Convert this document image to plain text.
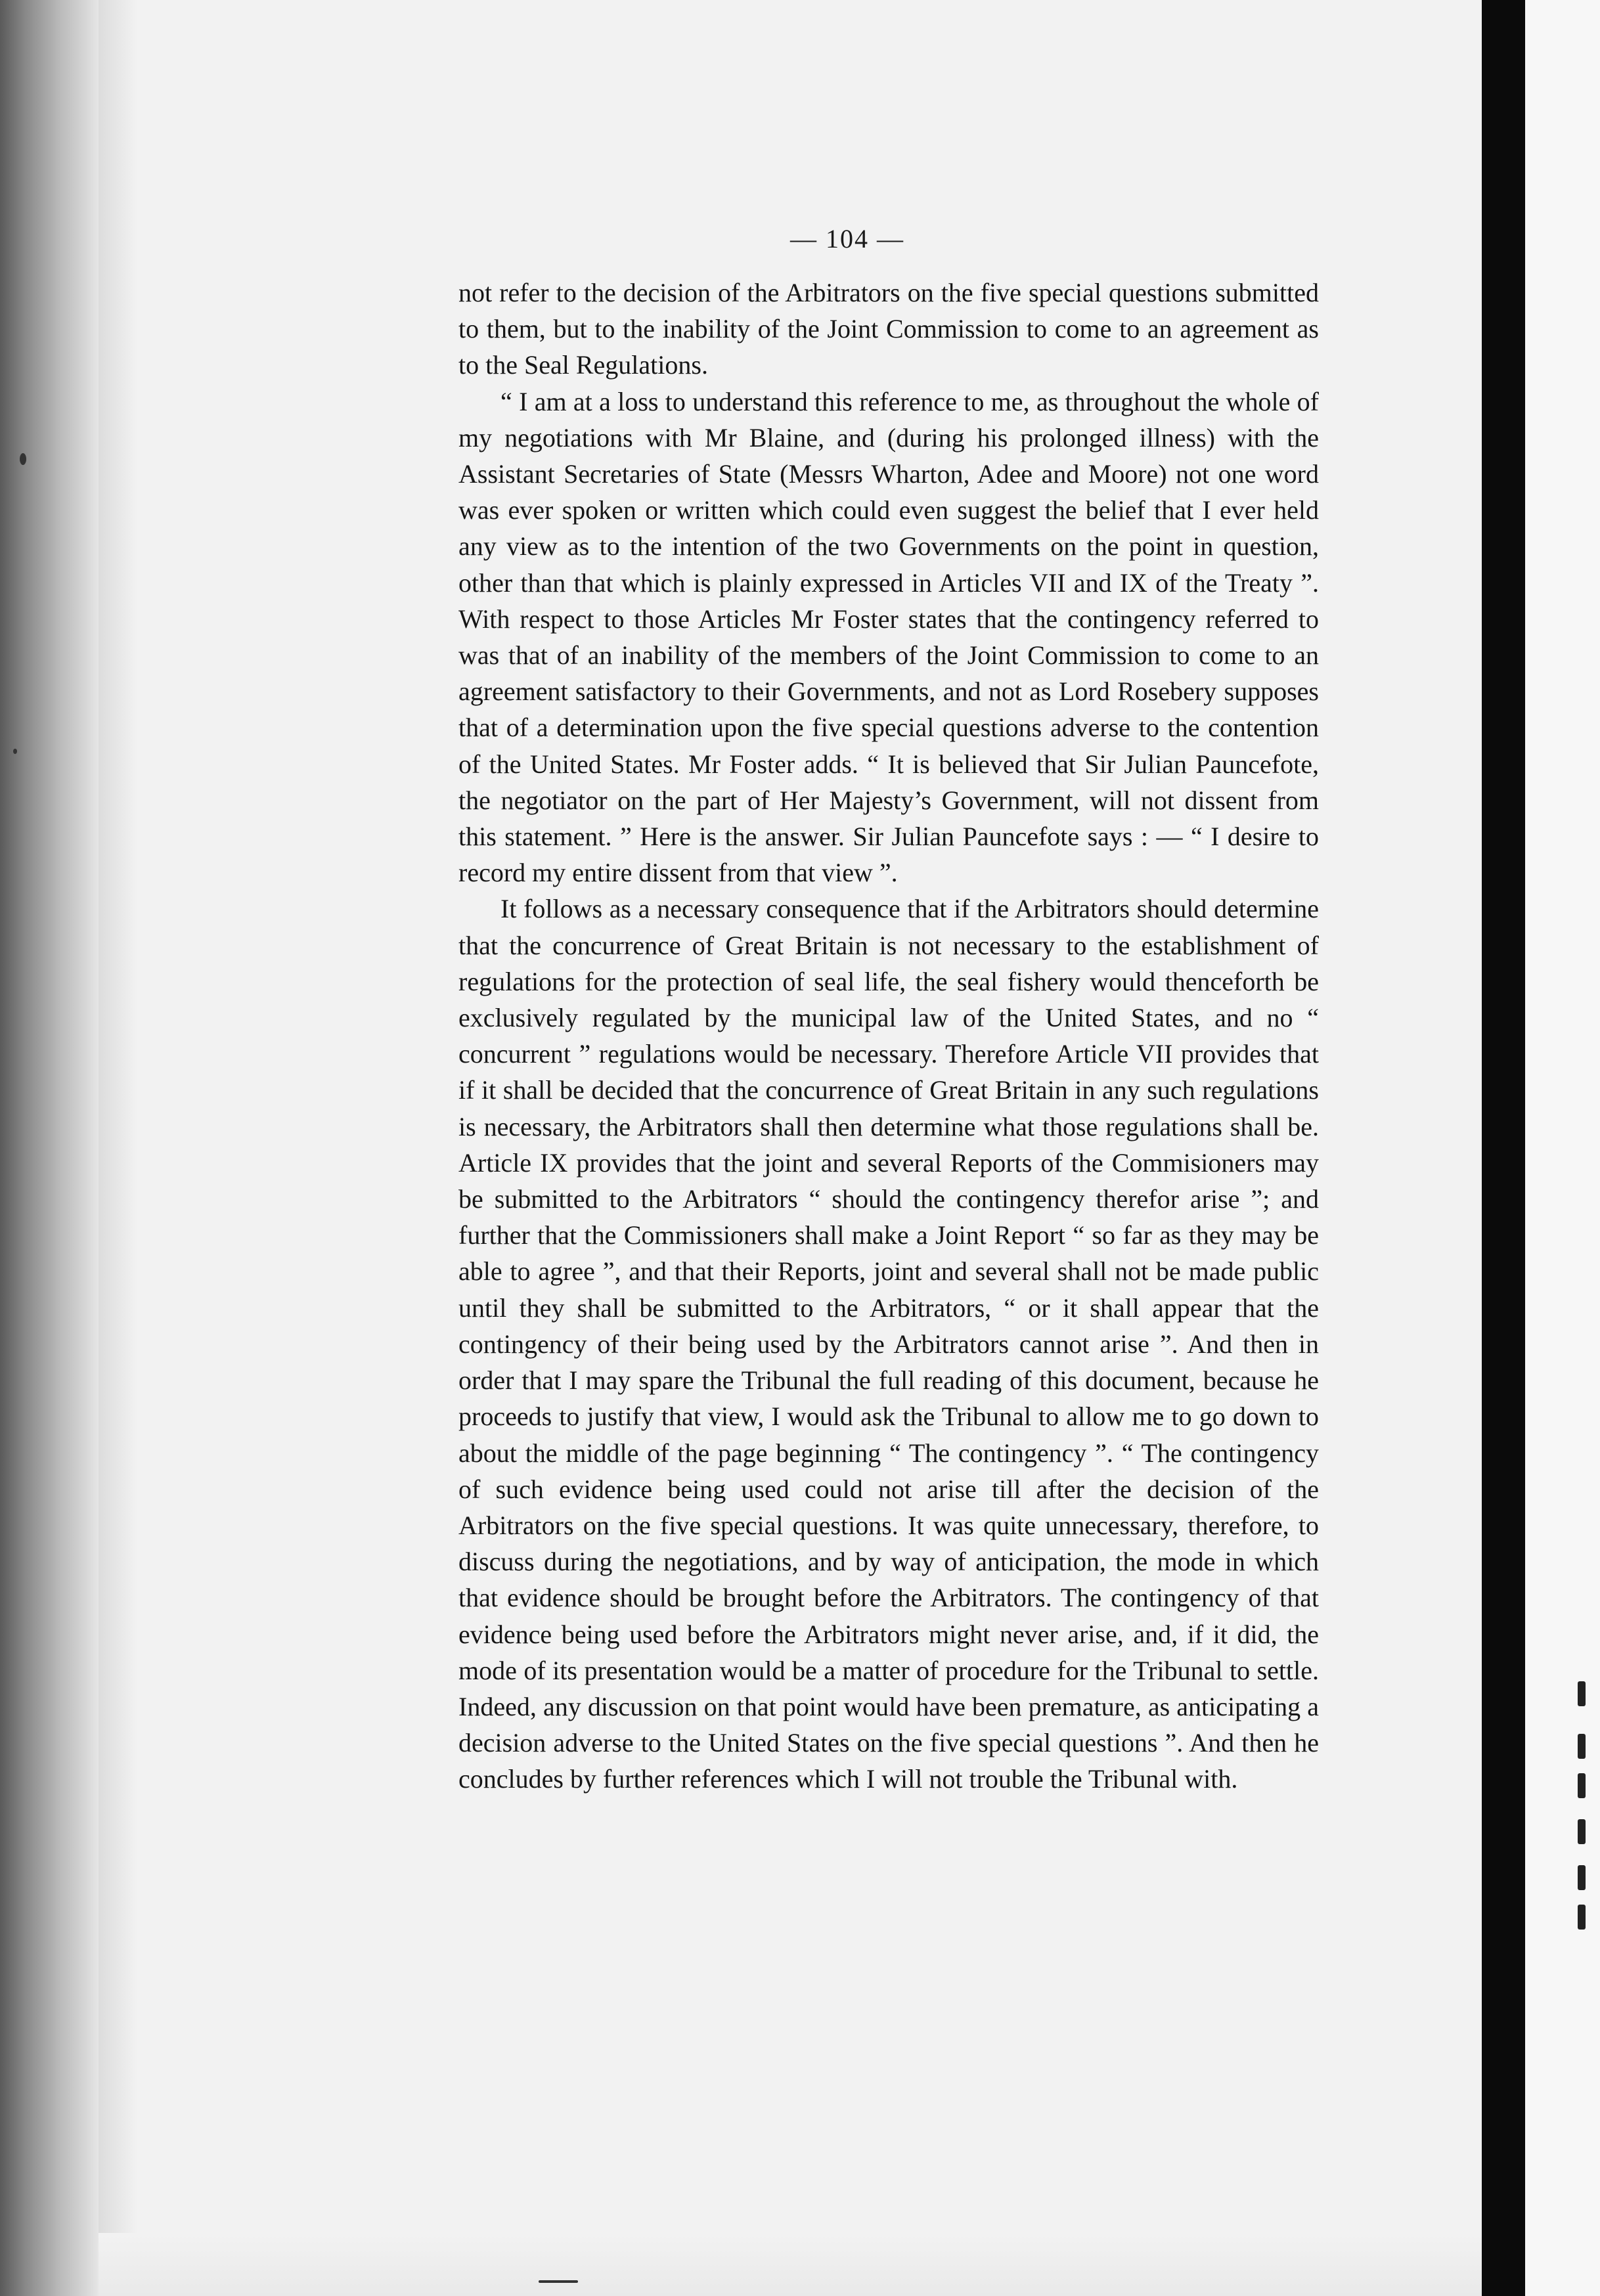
— 104 —

not refer to the decision of the Arbitrators on the five special questions submitted to them, but to the inability of the Joint Commission to come to an agreement as to the Seal Regulations.

“ I am at a loss to understand this reference to me, as throughout the whole of my negotiations with Mr Blaine, and (during his prolonged illness) with the Assistant Secretaries of State (Messrs Wharton, Adee and Moore) not one word was ever spoken or written which could even suggest the belief that I ever held any view as to the intention of the two Governments on the point in question, other than that which is plainly expressed in Articles VII and IX of the Treaty ”. With respect to those Articles Mr Foster states that the contingency referred to was that of an inability of the members of the Joint Commission to come to an agreement satisfactory to their Governments, and not as Lord Rosebery supposes that of a determination upon the five special questions adverse to the contention of the United States. Mr Foster adds. “ It is believed that Sir Julian Pauncefote, the negotiator on the part of Her Majesty’s Government, will not dissent from this statement. ” Here is the answer. Sir Julian Pauncefote says : — “ I desire to record my entire dissent from that view ”.

It follows as a necessary consequence that if the Arbitrators should determine that the concurrence of Great Britain is not necessary to the establishment of regulations for the protection of seal life, the seal fishery would thenceforth be exclusively regulated by the municipal law of the United States, and no “ concurrent ” regulations would be necessary. Therefore Article VII provides that if it shall be decided that the concurrence of Great Britain in any such regulations is necessary, the Arbitrators shall then determine what those regulations shall be. Article IX provides that the joint and several Reports of the Commisioners may be submitted to the Arbitrators “ should the contingency therefor arise ”; and further that the Commissioners shall make a Joint Report “ so far as they may be able to agree ”, and that their Reports, joint and several shall not be made public until they shall be submitted to the Arbitrators, “ or it shall appear that the contingency of their being used by the Arbitrators cannot arise ”. And then in order that I may spare the Tribunal the full reading of this document, because he proceeds to justify that view, I would ask the Tribunal to allow me to go down to about the middle of the page beginning “ The contingency ”. “ The contingency of such evidence being used could not arise till after the decision of the Arbitrators on the five special questions. It was quite unnecessary, therefore, to discuss during the negotiations, and by way of anticipation, the mode in which that evidence should be brought before the Arbitrators. The contingency of that evidence being used before the Arbitrators might never arise, and, if it did, the mode of its presentation would be a matter of procedure for the Tribunal to settle. Indeed, any discussion on that point would have been premature, as anticipating a decision adverse to the United States on the five special questions ”. And then he concludes by further references which I will not trouble the Tribunal with.
